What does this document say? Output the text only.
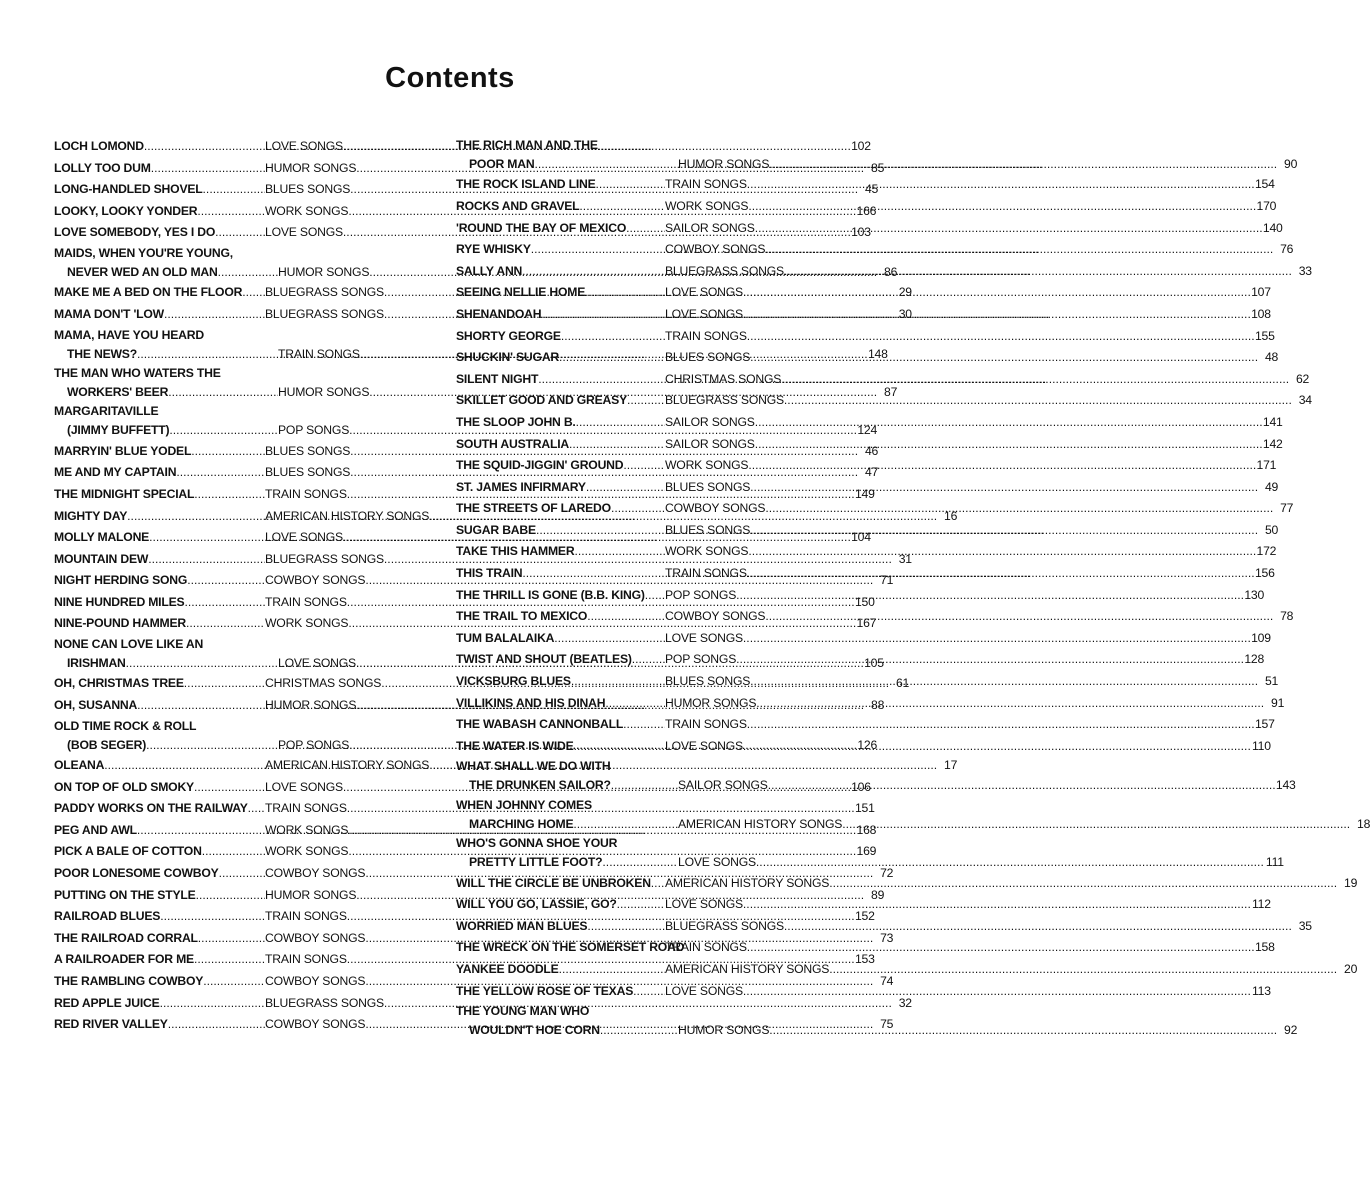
Contents
LOCH LOMOND .....	LOVE SONGS .....	102
LOLLY TOO DUM .....	HUMOR SONGS .....	85
LONG-HANDLED SHOVEL .....	BLUES SONGS .....	45
LOOKY, LOOKY YONDER .....	WORK SONGS .....	166
LOVE SOMEBODY, YES I DO .....	LOVE SONGS .....	103
MAIDS, WHEN YOU'RE YOUNG,
NEVER WED AN OLD MAN .....	HUMOR SONGS .....	86
MAKE ME A BED ON THE FLOOR ..... BLUEGRASS SONGS .....	29
MAMA DON'T 'LOW .....	BLUEGRASS SONGS .....	30
MAMA, HAVE YOU HEARD
THE NEWS? .....	TRAIN SONGS .....	148
THE MAN WHO WATERS THE
WORKERS' BEER .....	HUMOR SONGS .....	87
MARGARITAVILLE
(JIMMY BUFFETT) .....	POP SONGS .....	124
MARRYIN' BLUE YODEL .....	BLUES SONGS .....	46
ME AND MY CAPTAIN .....	BLUES SONGS .....	47
THE MIDNIGHT SPECIAL .....	TRAIN SONGS .....	149
MIGHTY DAY .....	AMERICAN HISTORY SONGS .....	16
MOLLY MALONE .....	LOVE SONGS .....	104
MOUNTAIN DEW .....	BLUEGRASS SONGS .....	31
NIGHT HERDING SONG .....	COWBOY SONGS .....	71
NINE HUNDRED MILES .....	TRAIN SONGS .....	150
NINE-POUND HAMMER .....	WORK SONGS .....	167
NONE CAN LOVE LIKE AN
IRISHMAN .....	LOVE SONGS .....	105
OH, CHRISTMAS TREE .....	CHRISTMAS SONGS .....	61
OH, SUSANNA .....	HUMOR SONGS .....	88
OLD TIME ROCK & ROLL
(BOB SEGER) .....	POP SONGS .....	126
OLEANA .....	AMERICAN HISTORY SONGS .....	17
ON TOP OF OLD SMOKY .....	LOVE SONGS .....	106
PADDY WORKS ON THE RAILWAY ..... TRAIN SONGS .....	151
PEG AND AWL .....	WORK SONGS .....	168
PICK A BALE OF COTTON .....	WORK SONGS .....	169
POOR LONESOME COWBOY .....	COWBOY SONGS .....	72
PUTTING ON THE STYLE .....	HUMOR SONGS .....	89
RAILROAD BLUES .....	TRAIN SONGS .....	152
THE RAILROAD CORRAL .....	COWBOY SONGS .....	73
A RAILROADER FOR ME .....	TRAIN SONGS .....	153
THE RAMBLING COWBOY .....	COWBOY SONGS .....	74
RED APPLE JUICE .....	BLUEGRASS SONGS .....	32
RED RIVER VALLEY .....	COWBOY SONGS .....	75
THE RICH MAN AND THE
POOR MAN .....	HUMOR SONGS .....	90
THE ROCK ISLAND LINE .....	TRAIN SONGS .....	154
ROCKS AND GRAVEL .....	WORK SONGS .....	170
'ROUND THE BAY OF MEXICO .....	SAILOR SONGS .....	140
RYE WHISKY .....	COWBOY SONGS .....	76
SALLY ANN .....	BLUEGRASS SONGS .....	33
SEEING NELLIE HOME .....	LOVE SONGS .....	107
SHENANDOAH .....	LOVE SONGS .....	108
SHORTY GEORGE .....	TRAIN SONGS .....	155
SHUCKIN' SUGAR .....	BLUES SONGS .....	48
SILENT NIGHT .....	CHRISTMAS SONGS .....	62
SKILLET GOOD AND GREASY .....	BLUEGRASS SONGS .....	34
THE SLOOP JOHN B. .....	SAILOR SONGS .....	141
SOUTH AUSTRALIA .....	SAILOR SONGS .....	142
THE SQUID-JIGGIN' GROUND .....	WORK SONGS .....	171
ST. JAMES INFIRMARY .....	BLUES SONGS .....	49
THE STREETS OF LAREDO .....	COWBOY SONGS .....	77
SUGAR BABE .....	BLUES SONGS .....	50
TAKE THIS HAMMER .....	WORK SONGS .....	172
THIS TRAIN .....	TRAIN SONGS .....	156
THE THRILL IS GONE (B.B. KING) ..... POP SONGS .....	130
THE TRAIL TO MEXICO .....	COWBOY SONGS .....	78
TUM BALALAIKA .....	LOVE SONGS .....	109
TWIST AND SHOUT (BEATLES) .....	POP SONGS .....	128
VICKSBURG BLUES .....	BLUES SONGS .....	51
VILLIKINS AND HIS DINAH .....	HUMOR SONGS .....	91
THE WABASH CANNONBALL .....	TRAIN SONGS .....	157
THE WATER IS WIDE .....	LOVE SONGS .....	110
WHAT SHALL WE DO WITH
THE DRUNKEN SAILOR? .....	SAILOR SONGS .....	143
WHEN JOHNNY COMES
MARCHING HOME .....	AMERICAN HISTORY SONGS .....	18
WHO'S GONNA SHOE YOUR
PRETTY LITTLE FOOT? .....	LOVE SONGS .....	111
WILL THE CIRCLE BE UNBROKEN ..... AMERICAN HISTORY SONGS .....	19
WILL YOU GO, LASSIE, GO? .....	LOVE SONGS .....	112
WORRIED MAN BLUES .....	BLUEGRASS SONGS .....	35
THE WRECK ON THE SOMERSET ROAD
TRAIN SONGS .....	158
YANKEE DOODLE .....	AMERICAN HISTORY SONGS .....	20
THE YELLOW ROSE OF TEXAS .....	LOVE SONGS .....	113
THE YOUNG MAN WHO
WOULDN'T HOE CORN .....	HUMOR SONGS .....	92
